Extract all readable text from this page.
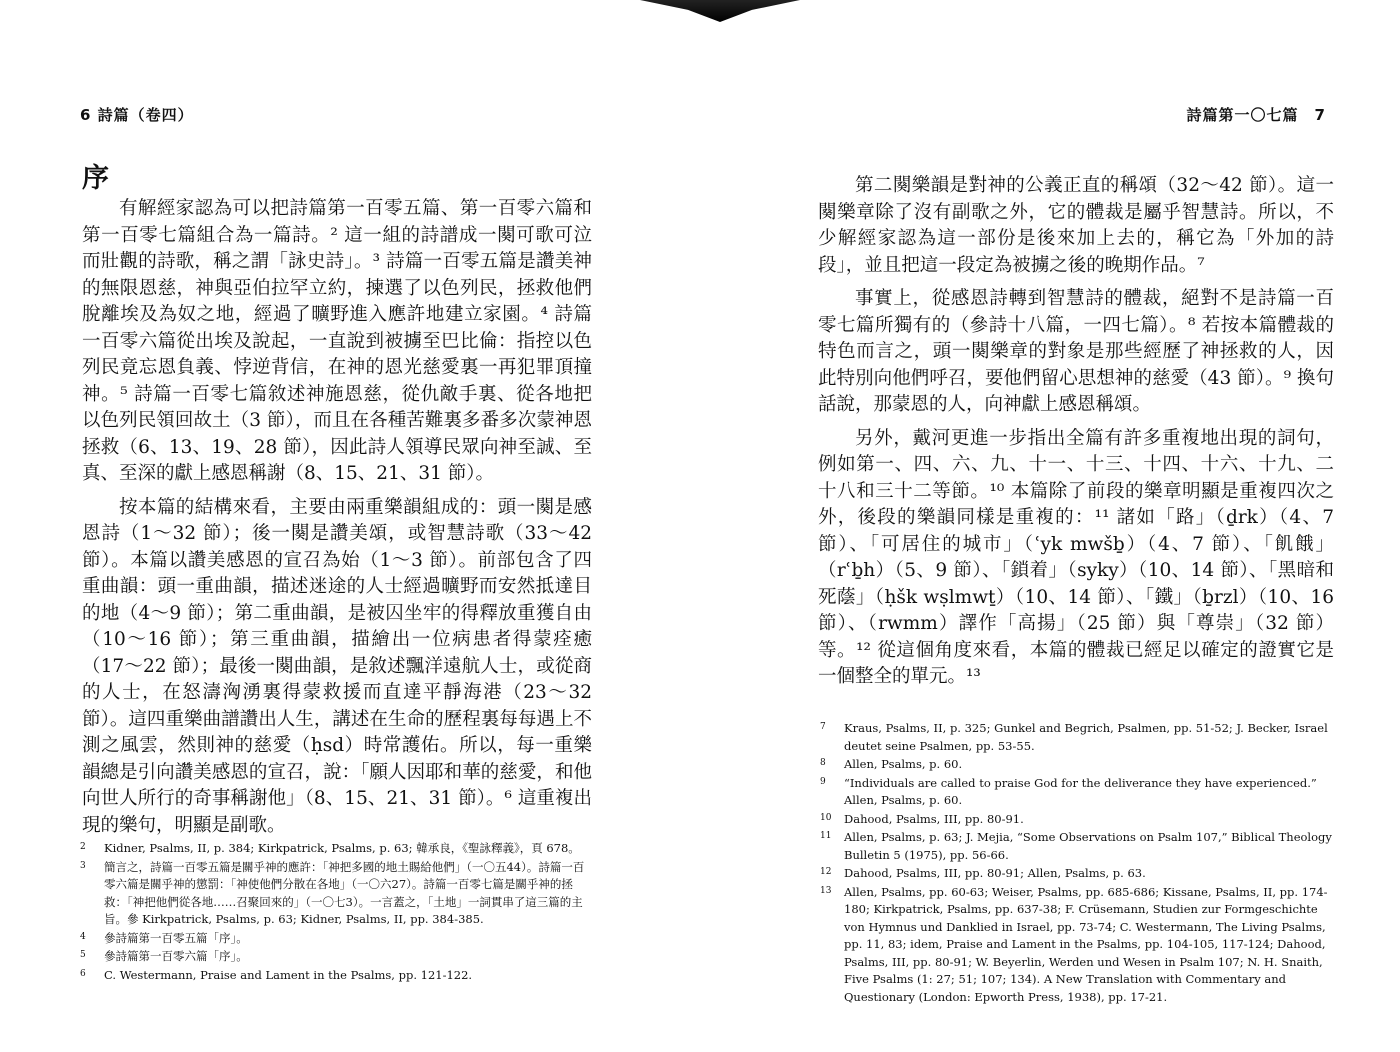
6 詩篇（卷四）
序

有解經家認為可以把詩篇第一百零五篇、第一百零六篇和第一百零七篇組合為一篇詩。² 這一組的詩譜成一闋可歌可泣而壯觀的詩歌，稱之謂「詠史詩」。³ 詩篇一百零五篇是讚美神的無限恩慈，神與亞伯拉罕立約，揀選了以色列民，拯救他們脫離埃及為奴之地，經過了曠野進入應許地建立家園。⁴ 詩篇一百零六篇從出埃及說起，一直說到被擄至巴比倫：指控以色列民竟忘恩負義、悖逆背信，在神的恩光慈愛裏一再犯罪頂撞神。⁵ 詩篇一百零七篇敘述神施恩慈，從仇敵手裏、從各地把以色列民領回故土（3 節），而且在各種苦難裏多番多次蒙神恩拯救（6、13、19、28 節），因此詩人領導民眾向神至誠、至真、至深的獻上感恩稱謝（8、15、21、31 節）。

按本篇的結構來看，主要由兩重樂韻組成的：頭一闋是感恩詩（1～32 節）；後一闋是讚美頌，或智慧詩歌（33～42 節）。本篇以讚美感恩的宣召為始（1～3 節）。前部包含了四重曲韻：頭一重曲韻，描述迷途的人士經過曠野而安然抵達目的地（4～9 節）；第二重曲韻，是被囚坐牢的得釋放重獲自由（10～16 節）；第三重曲韻，描繪出一位病患者得蒙痊癒（17～22 節）；最後一闋曲韻，是敘述飄洋遠航人士，或從商的人士，在怒濤洶湧裏得蒙救援而直達平靜海港（23～32 節）。這四重樂曲譜讚出人生，講述在生命的歷程裏每每遇上不測之風雲，然則神的慈愛（ḥsd）時常護佑。所以，每一重樂韻總是引向讚美感恩的宣召，說：「願人因耶和華的慈愛，和他向世人所行的奇事稱謝他」（8、15、21、31 節）。⁶ 這重複出現的樂句，明顯是副歌。

2	Kidner, Psalms, II, p. 384; Kirkpatrick, Psalms, p. 63; 韓承良，《聖詠釋義》，頁 678。
3	簡言之，詩篇一百零五篇是關乎神的應許：「神把多國的地土賜給他們」（一〇五44）。詩篇一百零六篇是關乎神的懲罰：「神使他們分散在各地」（一〇六27）。詩篇一百零七篇是關乎神的拯救：「神把他們從各地……召聚回來的」（一〇七3）。一言蓋之，「土地」一詞貫串了這三篇的主旨。參 Kirkpatrick, Psalms, p. 63; Kidner, Psalms, II, pp. 384-385.
4	參詩篇第一百零五篇「序」。
5	參詩篇第一百零六篇「序」。
6	C. Westermann, Praise and Lament in the Psalms, pp. 121-122.
詩篇第一〇七篇　7

第二闋樂韻是對神的公義正直的稱頌（32～42 節）。這一闋樂章除了沒有副歌之外，它的體裁是屬乎智慧詩。所以，不少解經家認為這一部份是後來加上去的，稱它為「外加的詩段」，並且把這一段定為被擄之後的晚期作品。⁷

事實上，從感恩詩轉到智慧詩的體裁，絕對不是詩篇一百零七篇所獨有的（參詩十八篇，一四七篇）。⁸ 若按本篇體裁的特色而言之，頭一闋樂章的對象是那些經歷了神拯救的人，因此特別向他們呼召，要他們留心思想神的慈愛（43 節）。⁹ 換句話說，那蒙恩的人，向神獻上感恩稱頌。

另外，戴河更進一步指出全篇有許多重複地出現的詞句，例如第一、四、六、九、十一、十三、十四、十六、十九、二十八和三十二等節。¹⁰ 本篇除了前段的樂章明顯是重複四次之外，後段的樂韻同樣是重複的：¹¹ 諸如「路」（ḏrk）（4、7 節）、「可居住的城市」（ʿyk mwšḇ）（4、7 節）、「飢餓」（rʿḇh）（5、9 節）、「鎖着」（syky）（10、14 節）、「黑暗和死蔭」（ḥšk wṣlmwṯ）（10、14 節）、「鐵」（ḇrzl）（10、16 節）、（rwmm）譯作「高揚」（25 節）與「尊崇」（32 節）等。¹² 從這個角度來看，本篇的體裁已經足以確定的證實它是一個整全的單元。¹³

7	Kraus, Psalms, II, p. 325; Gunkel and Begrich, Psalmen, pp. 51-52; J. Becker, Israel deutet seine Psalmen, pp. 53-55.
8	Allen, Psalms, p. 60.
9	“Individuals are called to praise God for the deliverance they have experienced.” Allen, Psalms, p. 60.
10	Dahood, Psalms, III, pp. 80-91.
11	Allen, Psalms, p. 63; J. Mejia, “Some Observations on Psalm 107,” Biblical Theology Bulletin 5 (1975), pp. 56-66.
12	Dahood, Psalms, III, pp. 80-91; Allen, Psalms, p. 63.
13	Allen, Psalms, pp. 60-63; Weiser, Psalms, pp. 685-686; Kissane, Psalms, II, pp. 174-180; Kirkpatrick, Psalms, pp. 637-38; F. Crüsemann, Studien zur Formgeschichte von Hymnus und Danklied in Israel, pp. 73-74; C. Westermann, The Living Psalms, pp. 11, 83; idem, Praise and Lament in the Psalms, pp. 104-105, 117-124; Dahood, Psalms, III, pp. 80-91; W. Beyerlin, Werden und Wesen in Psalm 107; N. H. Snaith, Five Psalms (1: 27; 51; 107; 134). A New Translation with Commentary and Questionary (London: Epworth Press, 1938), pp. 17-21.
